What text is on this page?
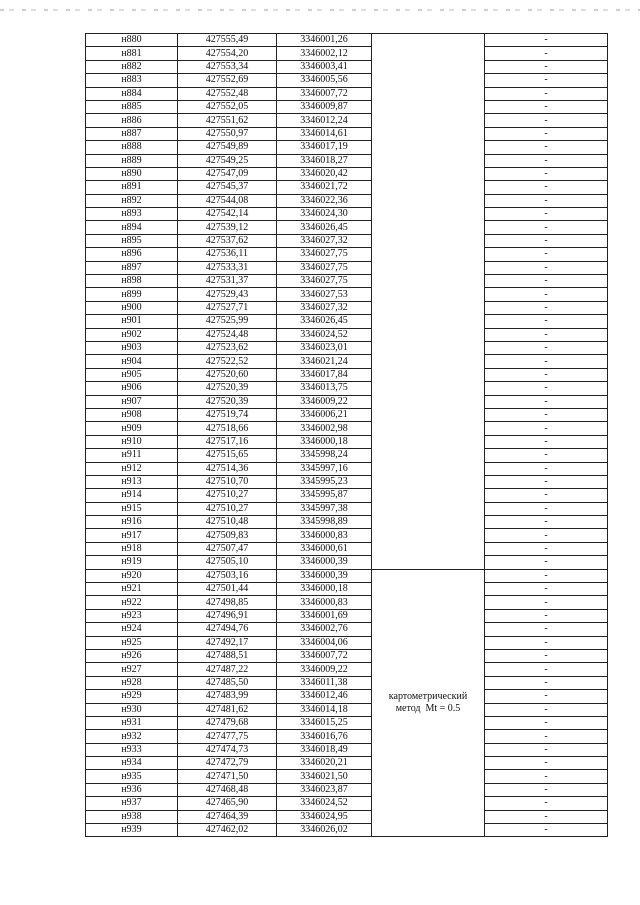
н880	427555,49	3346001,26		-
н881	427554,20	3346002,12		-
н882	427553,34	3346003,41		-
н883	427552,69	3346005,56		-
н884	427552,48	3346007,72		-
н885	427552,05	3346009,87		-
н886	427551,62	3346012,24		-
н887	427550,97	3346014,61		-
н888	427549,89	3346017,19		-
н889	427549,25	3346018,27		-
н890	427547,09	3346020,42		-
н891	427545,37	3346021,72		-
н892	427544,08	3346022,36		-
н893	427542,14	3346024,30		-
н894	427539,12	3346026,45		-
н895	427537,62	3346027,32		-
н896	427536,11	3346027,75		-
н897	427533,31	3346027,75		-
н898	427531,37	3346027,75		-
н899	427529,43	3346027,53		-
н900	427527,71	3346027,32		-
н901	427525,99	3346026,45		-
н902	427524,48	3346024,52		-
н903	427523,62	3346023,01		-
н904	427522,52	3346021,24		-
н905	427520,60	3346017,84		-
н906	427520,39	3346013,75		-
н907	427520,39	3346009,22		-
н908	427519,74	3346006,21		-
н909	427518,66	3346002,98		-
н910	427517,16	3346000,18		-
н911	427515,65	3345998,24		-
н912	427514,36	3345997,16		-
н913	427510,70	3345995,23		-
н914	427510,27	3345995,87		-
н915	427510,27	3345997,38		-
н916	427510,48	3345998,89		-
н917	427509,83	3346000,83		-
н918	427507,47	3346000,61		-
н919	427505,10	3346000,39		-
н920	427503,16	3346000,39	картометрический
метод  Mt = 0.5	-
н921	427501,44	3346000,18		-
н922	427498,85	3346000,83		-
н923	427496,91	3346001,69		-
н924	427494,76	3346002,76		-
н925	427492,17	3346004,06		-
н926	427488,51	3346007,72		-
н927	427487,22	3346009,22		-
н928	427485,50	3346011,38		-
н929	427483,99	3346012,46		-
н930	427481,62	3346014,18		-
н931	427479,68	3346015,25		-
н932	427477,75	3346016,76		-
н933	427474,73	3346018,49		-
н934	427472,79	3346020,21		-
н935	427471,50	3346021,50		-
н936	427468,48	3346023,87		-
н937	427465,90	3346024,52		-
н938	427464,39	3346024,95		-
н939	427462,02	3346026,02		-
